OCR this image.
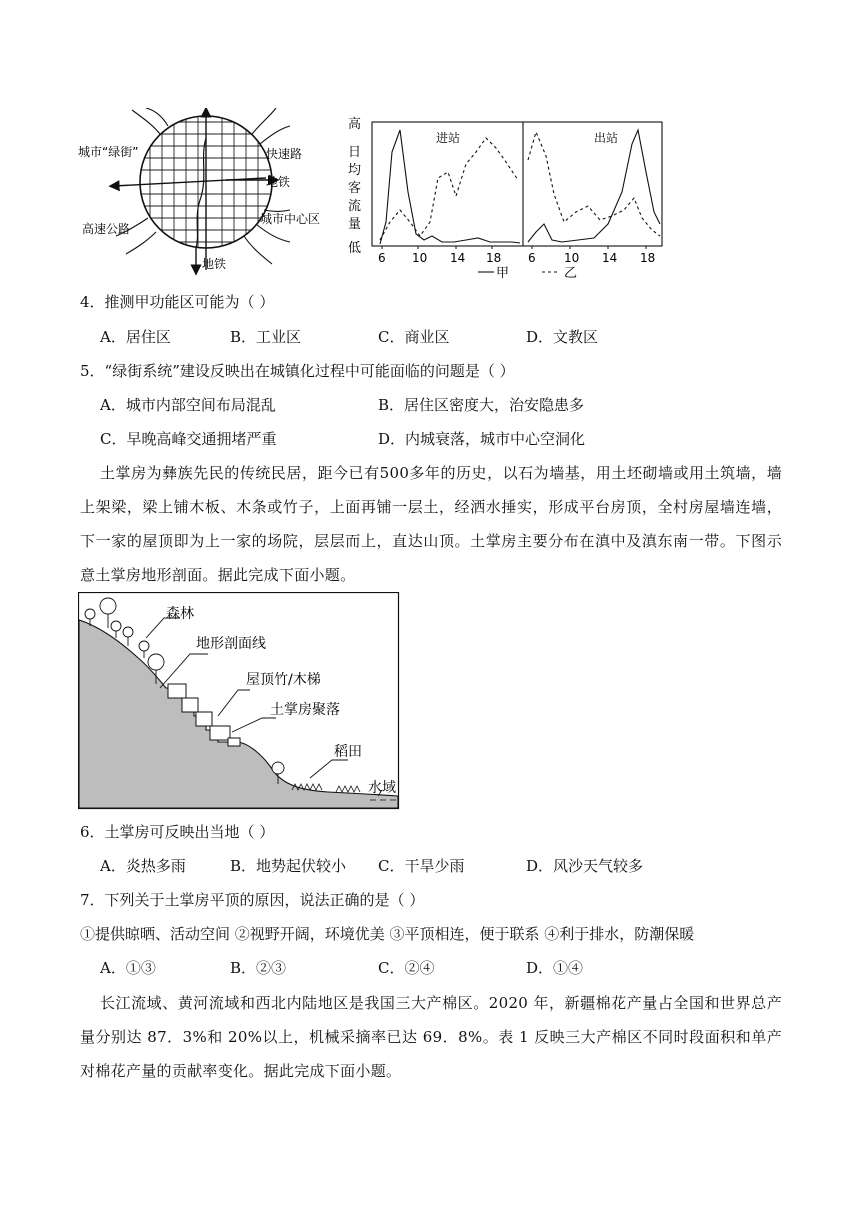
城市“绿街”	快速路
地铁
高速公路
城市中心区
地铁
高
日
均
客
流
量
低
进站	出站
6 10 14 18 6 10 14 18
甲	乙
4．推测甲功能区可能为（ ）
A．居住区	B．工业区	C．商业区	D．文教区
5．“绿街系统”建设反映出在城镇化过程中可能面临的问题是（ ）
A．城市内部空间布局混乱	B．居住区密度大，治安隐患多
C．早晚高峰交通拥堵严重	D．内城衰落，城市中心空洞化
土掌房为彝族先民的传统民居，距今已有500多年的历史，以石为墙基，用土坯砌墙或用土筑墙，墙上架梁，梁上铺木板、木条或竹子，上面再铺一层土，经洒水捶实，形成平台房顶，全村房屋墙连墙，下一家的屋顶即为上一家的场院，层层而上，直达山顶。土掌房主要分布在滇中及滇东南一带。下图示意土掌房地形剖面。据此完成下面小题。
森林
地形剖面线
屋顶竹/木梯
土掌房聚落
稻田
水域
6．土掌房可反映出当地（ ）
A．炎热多雨	B．地势起伏较小 C．干旱少雨	D．风沙天气较多
7．下列关于土掌房平顶的原因，说法正确的是（ ）
①提供晾晒、活动空间 ②视野开阔，环境优美 ③平顶相连，便于联系 ④利于排水，防潮保暖
A．①③	B．②③	C．②④	D．①④
长江流域、黄河流域和西北内陆地区是我国三大产棉区。2020 年，新疆棉花产量占全国和世界总产量分别达 87．3%和 20%以上，机械采摘率已达 69．8%。表 1 反映三大产棉区不同时段面积和单产对棉花产量的贡献率变化。据此完成下面小题。
